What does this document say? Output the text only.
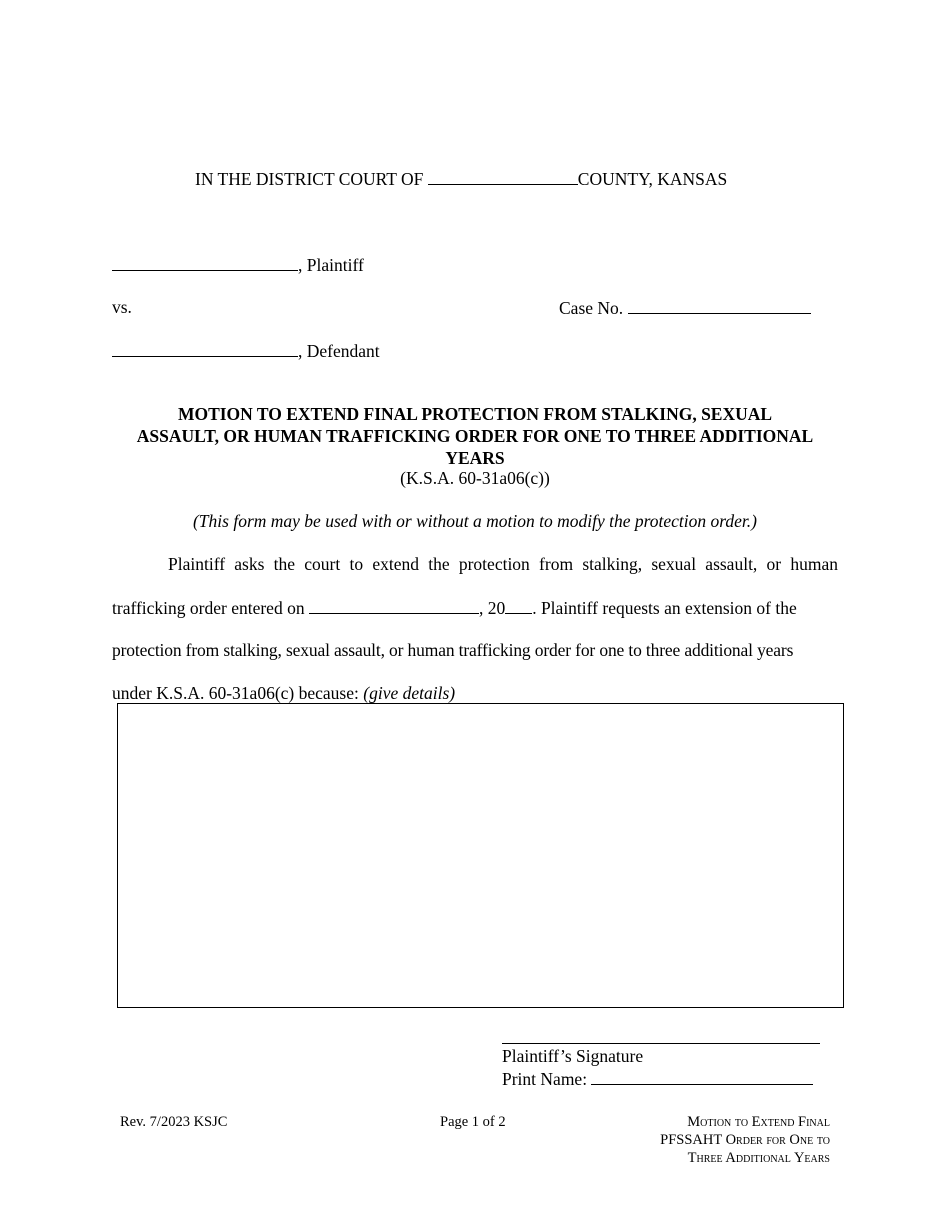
IN THE DISTRICT COURT OF	COUNTY, KANSAS
, Plaintiff
vs.	Case No.
, Defendant
MOTION TO EXTEND FINAL PROTECTION FROM STALKING, SEXUAL
ASSAULT, OR HUMAN TRAFFICKING ORDER FOR ONE TO THREE ADDITIONAL
YEARS
(K.S.A. 60-31a06(c))
(This form may be used with or without a motion to modify the protection order.)
Plaintiff asks the court to extend the protection from stalking, sexual assault, or human
trafficking order entered on	, 20 . Plaintiff requests an extension of the
protection from stalking, sexual assault, or human trafficking order for one to three additional years
under K.S.A. 60-31a06(c) because: (give details)
Plaintiff’s Signature
Print Name:
Rev. 7/2023 KSJC	Page 1 of 2	Motion to Extend Final
PFSSAHT Order for One to
Three Additional Years
